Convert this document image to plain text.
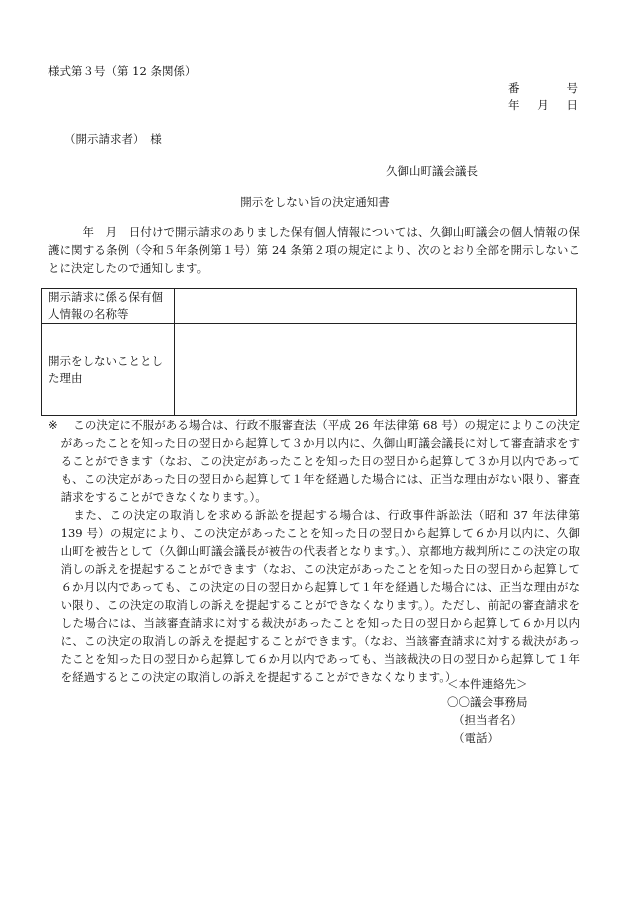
様式第３号（第 12 条関係）
番	号
年 月 日
（開示請求者）　様
久御山町議会議長
開示をしない旨の決定通知書
年　月　日付けで開示請求のありました保有個人情報については、久御山町議会の個人情報の保護に関する条例（令和５年条例第１号）第 24 条第２項の規定により、次のとおり全部を開示しないことに決定したので通知します。
開示請求に係る保有個人情報の名称等	
開示をしないこととした理由	
※	この決定に不服がある場合は、行政不服審査法（平成 26 年法律第 68 号）の規定によりこの決定があったことを知った日の翌日から起算して３か月以内に、久御山町議会議長に対して審査請求をすることができます（なお、この決定があったことを知った日の翌日から起算して３か月以内であっても、この決定があった日の翌日から起算して１年を経過した場合には、正当な理由がない限り、審査請求をすることができなくなります。）。

また、この決定の取消しを求める訴訟を提起する場合は、行政事件訴訟法（昭和 37 年法律第 139 号）の規定により、この決定があったことを知った日の翌日から起算して６か月以内に、久御山町を被告として（久御山町議会議長が被告の代表者となります。）、京都地方裁判所にこの決定の取消しの訴えを提起することができます（なお、この決定があったことを知った日の翌日から起算して６か月以内であっても、この決定の日の翌日から起算して１年を経過した場合には、正当な理由がない限り、この決定の取消しの訴えを提起することができなくなります。）。ただし、前記の審査請求をした場合には、当該審査請求に対する裁決があったことを知った日の翌日から起算して６か月以内に、この決定の取消しの訴えを提起することができます。（なお、当該審査請求に対する裁決があったことを知った日の翌日から起算して６か月以内であっても、当該裁決の日の翌日から起算して１年を経過するとこの決定の取消しの訴えを提起することができなくなります。）

＜本件連絡先＞
〇〇議会事務局
（担当者名）
（電話）
